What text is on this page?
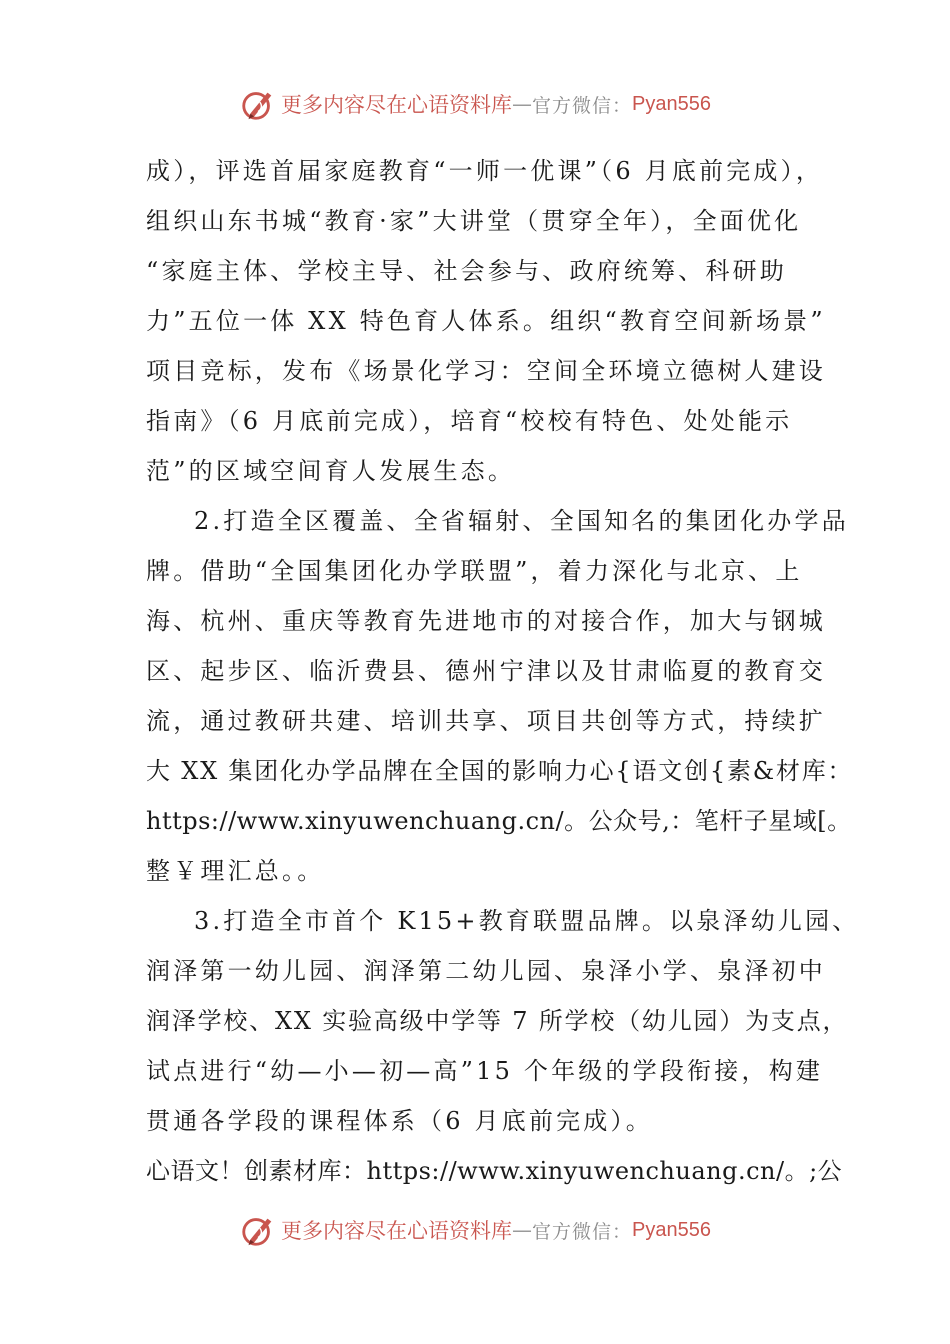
更多内容尽在心语资料库 — 官方微信： Pyan556
成），评选首届家庭教育“一师一优课”（6 月底前完成），
组织山东书城“教育·家”大讲堂（贯穿全年），全面优化
“家庭主体、学校主导、社会参与、政府统筹、科研助
力”五位一体 XX 特色育人体系。组织“教育空间新场景”
项目竞标，发布《场景化学习：空间全环境立德树人建设
指南》（6 月底前完成），培育“校校有特色、处处能示
范”的区域空间育人发展生态。
2.打造全区覆盖、全省辐射、全国知名的集团化办学品
牌。借助“全国集团化办学联盟”，着力深化与北京、上
海、杭州、重庆等教育先进地市的对接合作，加大与钢城
区、起步区、临沂费县、德州宁津以及甘肃临夏的教育交
流，通过教研共建、培训共享、项目共创等方式，持续扩
大 XX 集团化办学品牌在全国的影响力心{语文创{素&材库：
https://www.xinyuwenchuang.cn/。公众号,：笔杆子星域[。
整￥理汇总。。
3.打造全市首个 K15+教育联盟品牌。以泉泽幼儿园、
润泽第一幼儿园、润泽第二幼儿园、泉泽小学、泉泽初中
润泽学校、XX 实验高级中学等 7 所学校（幼儿园）为支点，
试点进行“幼—小—初—高”15 个年级的学段衔接，构建
贯通各学段的课程体系（6 月底前完成）。
心语文！创素材库：https://www.xinyuwenchuang.cn/。;公
更多内容尽在心语资料库 — 官方微信： Pyan556
